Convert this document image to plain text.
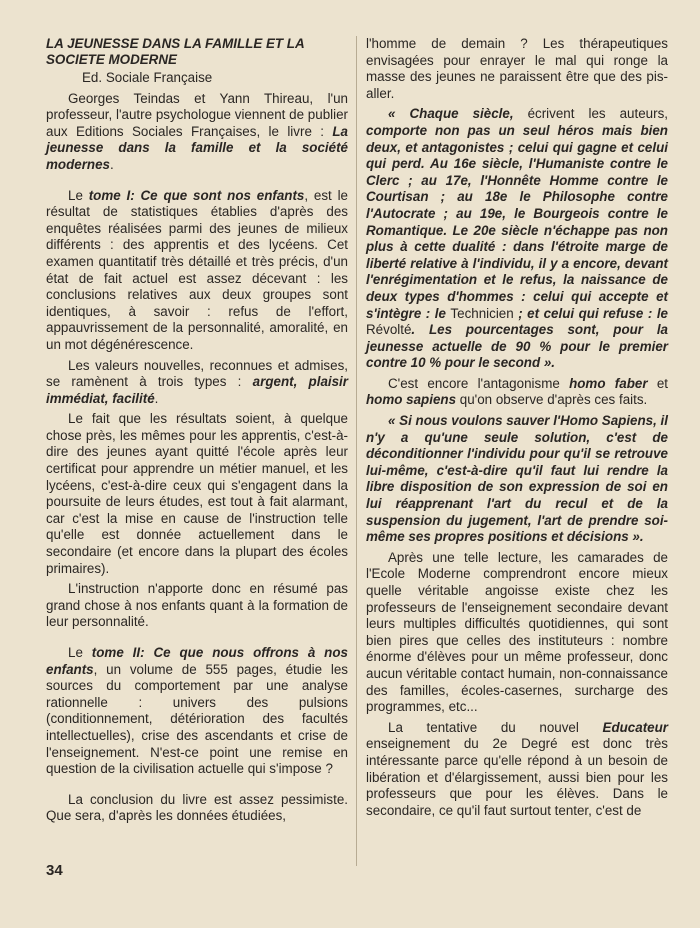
LA JEUNESSE DANS LA FAMILLE ET LA SOCIETE MODERNE
Ed. Sociale Française

Georges Teindas et Yann Thireau, l'un professeur, l'autre psychologue viennent de publier aux Editions Sociales Françaises, le livre : La jeunesse dans la famille et la société modernes.

Le tome I: Ce que sont nos enfants, est le résultat de statistiques établies d'après des enquêtes réalisées parmi des jeunes de milieux différents : des apprentis et des lycéens. Cet examen quantitatif très détaillé et très précis, d'un état de fait actuel est assez décevant : les conclusions relatives aux deux groupes sont identiques, à savoir : refus de l'effort, appauvrissement de la personnalité, amoralité, en un mot dégénérescence.

Les valeurs nouvelles, reconnues et admises, se ramènent à trois types : argent, plaisir immédiat, facilité.

Le fait que les résultats soient, à quelque chose près, les mêmes pour les apprentis, c'est-à-dire des jeunes ayant quitté l'école après leur certificat pour apprendre un métier manuel, et les lycéens, c'est-à-dire ceux qui s'engagent dans la poursuite de leurs études, est tout à fait alarmant, car c'est la mise en cause de l'instruction telle qu'elle est donnée actuellement dans le secondaire (et encore dans la plupart des écoles primaires).

L'instruction n'apporte donc en résumé pas grand chose à nos enfants quant à la formation de leur personnalité.

Le tome II: Ce que nous offrons à nos enfants, un volume de 555 pages, étudie les sources du comportement par une analyse rationnelle : univers des pulsions (conditionnement, détérioration des facultés intellectuelles), crise des ascendants et crise de l'enseignement. N'est-ce point une remise en question de la civilisation actuelle qui s'impose ?

La conclusion du livre est assez pessimiste. Que sera, d'après les données étudiées,

l'homme de demain ? Les thérapeutiques envisagées pour enrayer le mal qui ronge la masse des jeunes ne paraissent être que des pis-aller.

« Chaque siècle, écrivent les auteurs, comporte non pas un seul héros mais bien deux, et antagonistes ; celui qui gagne et celui qui perd. Au 16e siècle, l'Humaniste contre le Clerc ; au 17e, l'Honnête Homme contre le Courtisan ; au 18e le Philosophe contre l'Autocrate ; au 19e, le Bourgeois contre le Romantique. Le 20e siècle n'échappe pas non plus à cette dualité : dans l'étroite marge de liberté relative à l'individu, il y a encore, devant l'enrégimentation et le refus, la naissance de deux types d'hommes : celui qui accepte et s'intègre : le Technicien ; et celui qui refuse : le Révolté. Les pourcentages sont, pour la jeunesse actuelle de 90 % pour le premier contre 10 % pour le second ».

C'est encore l'antagonisme homo faber et homo sapiens qu'on observe d'après ces faits.

« Si nous voulons sauver l'Homo Sapiens, il n'y a qu'une seule solution, c'est de déconditionner l'individu pour qu'il se retrouve lui-même, c'est-à-dire qu'il faut lui rendre la libre disposition de son expression de soi en lui réapprenant l'art du recul et de la suspension du jugement, l'art de prendre soi-même ses propres positions et décisions ».

Après une telle lecture, les camarades de l'Ecole Moderne comprendront encore mieux quelle véritable angoisse existe chez les professeurs de l'enseignement secondaire devant leurs multiples difficultés quotidiennes, qui sont bien pires que celles des instituteurs : nombre énorme d'élèves pour un même professeur, donc aucun véritable contact humain, non-connaissance des familles, écoles-casernes, surcharge des programmes, etc...

La tentative du nouvel Educateur enseignement du 2e Degré est donc très intéressante parce qu'elle répond à un besoin de libération et d'élargissement, aussi bien pour les professeurs que pour les élèves. Dans le secondaire, ce qu'il faut surtout tenter, c'est de

34
